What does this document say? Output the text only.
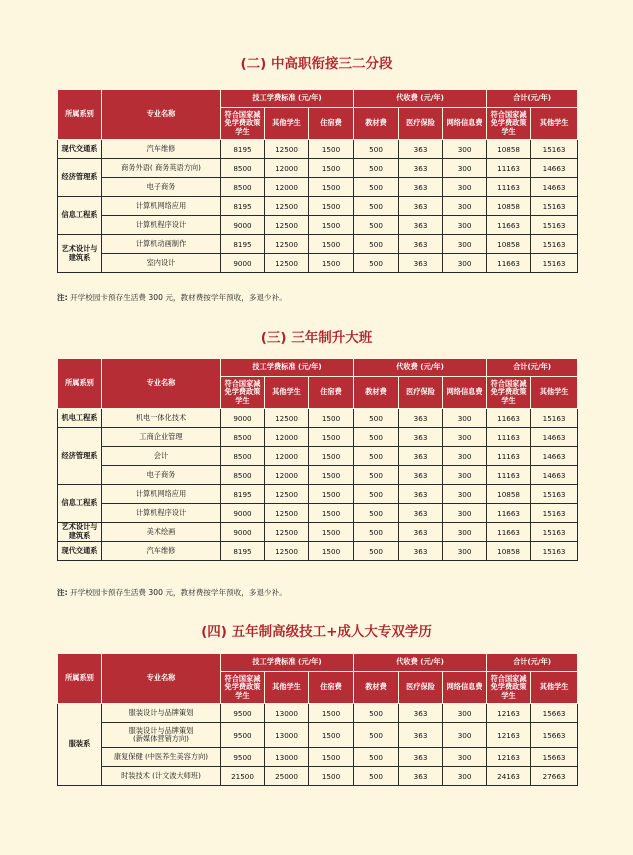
(二) 中高职衔接三二分段
所属系别	专业名称	技工学费标准 (元/年)			代收费 (元/年)			合计(元/年)	
		符合国家减免学费政策学生	其他学生	住宿费	教材费	医疗保险	网络信息费	符合国家减免学费政策学生	其他学生
现代交通系	汽车维修	8195	12500	1500	500	363	300	10858	15163
经济管理系	商务外语( 商务英语方向)	8500	12000	1500	500	363	300	11163	14663
	电子商务	8500	12000	1500	500	363	300	11163	14663
信息工程系	计算机网络应用	8195	12500	1500	500	363	300	10858	15163
	计算机程序设计	9000	12500	1500	500	363	300	11663	15163
艺术设计与建筑系	计算机动画制作	8195	12500	1500	500	363	300	10858	15163
	室内设计	9000	12500	1500	500	363	300	11663	15163
注: 开学校园卡预存生活费 300 元，教材费按学年预收，多退少补。
(三) 三年制升大班
所属系别	专业名称	技工学费标准 (元/年)			代收费 (元/年)			合计(元/年)	
		符合国家减免学费政策学生	其他学生	住宿费	教材费	医疗保险	网络信息费	符合国家减免学费政策学生	其他学生
机电工程系	机电一体化技术	9000	12500	1500	500	363	300	11663	15163
经济管理系	工商企业管理	8500	12000	1500	500	363	300	11163	14663
	会计	8500	12000	1500	500	363	300	11163	14663
	电子商务	8500	12000	1500	500	363	300	11163	14663
信息工程系	计算机网络应用	8195	12500	1500	500	363	300	10858	15163
	计算机程序设计	9000	12500	1500	500	363	300	11663	15163
艺术设计与建筑系	美术绘画	9000	12500	1500	500	363	300	11663	15163
现代交通系	汽车维修	8195	12500	1500	500	363	300	10858	15163
注: 开学校园卡预存生活费 300 元，教材费按学年预收，多退少补。
(四) 五年制高级技工+成人大专双学历
所属系别	专业名称	技工学费标准 (元/年)			代收费 (元/年)			合计(元/年)	
		符合国家减免学费政策学生	其他学生	住宿费	教材费	医疗保险	网络信息费	符合国家减免学费政策学生	其他学生
服装系	服装设计与品牌策划	9500	13000	1500	500	363	300	12163	15663
	服装设计与品牌策划
(新媒体营销方向)	9500	13000	1500	500	363	300	12163	15663
	康复保健 (中医养生美容方向)	9500	13000	1500	500	363	300	12163	15663
	时装技术 (计文波大师班)	21500	25000	1500	500	363	300	24163	27663
